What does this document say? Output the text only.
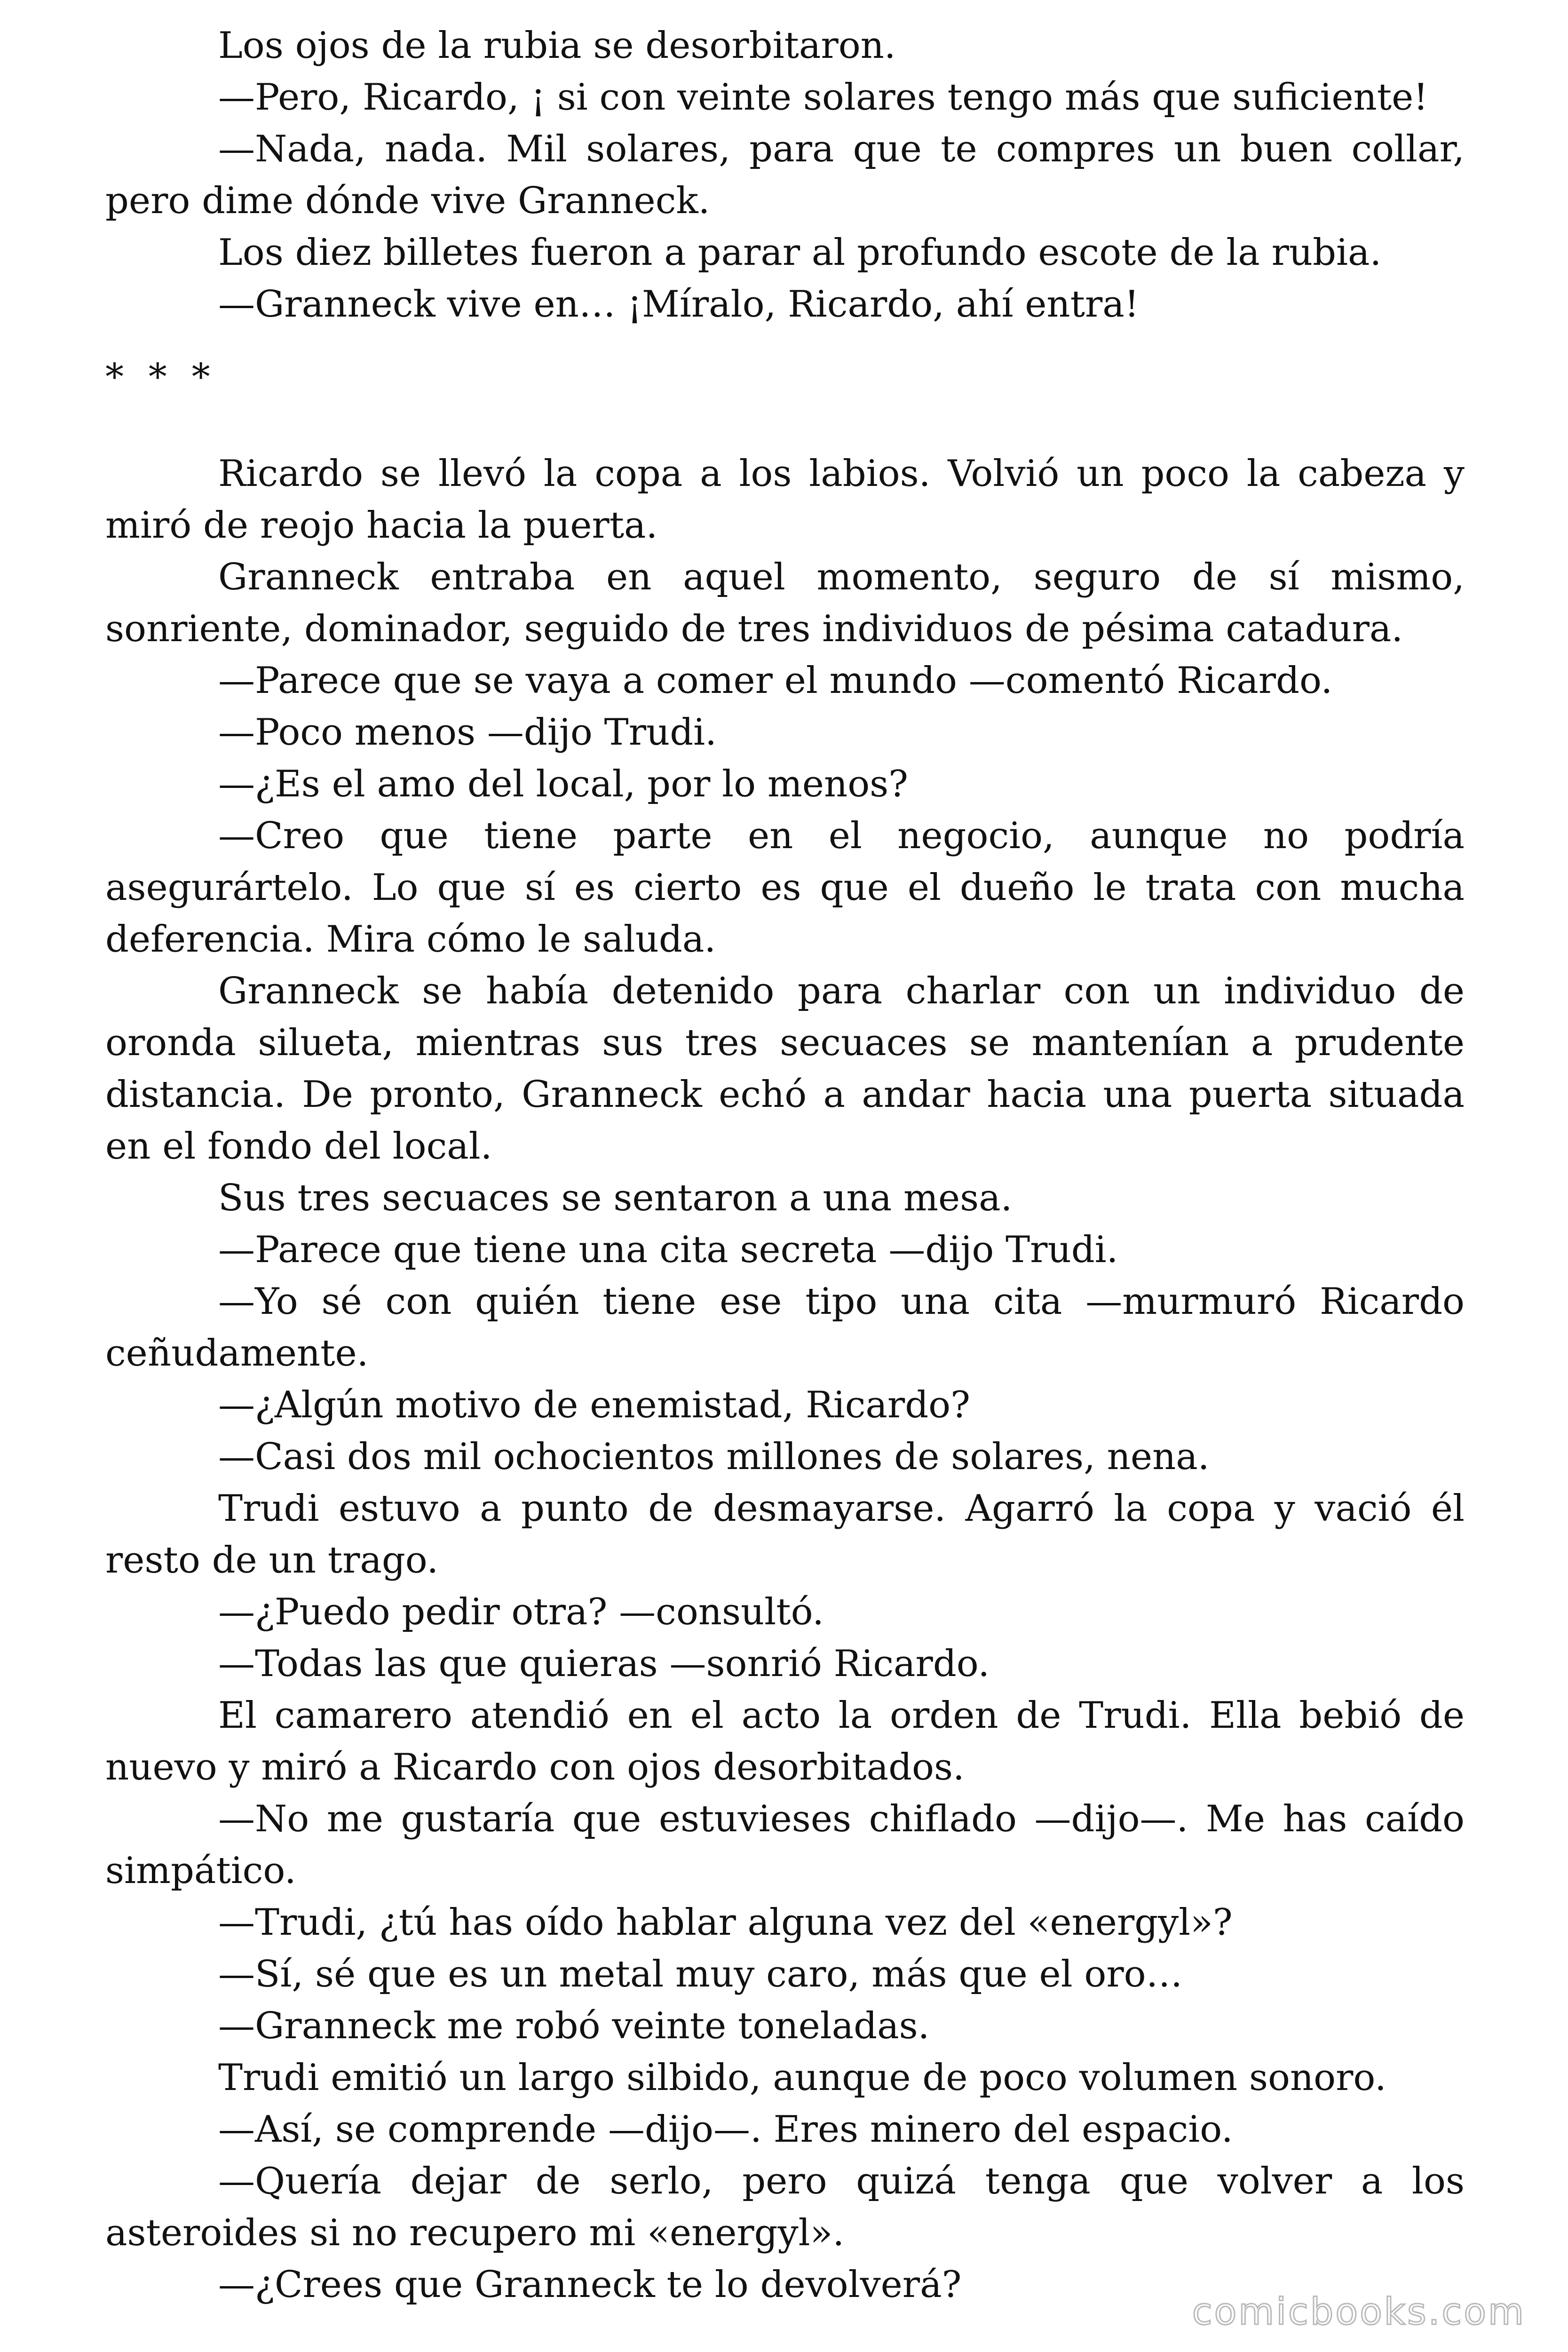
Los ojos de la rubia se desorbitaron.

—Pero, Ricardo, ¡ si con veinte solares tengo más que suficiente!

—Nada, nada. Mil solares, para que te compres un buen collar, pero dime dónde vive Granneck.

Los diez billetes fueron a parar al profundo escote de la rubia.

—Granneck vive en… ¡Míralo, Ricardo, ahí entra!

* * *

Ricardo se llevó la copa a los labios. Volvió un poco la cabeza y miró de reojo hacia la puerta.

Granneck entraba en aquel momento, seguro de sí mismo, sonriente, dominador, seguido de tres individuos de pésima catadura.

—Parece que se vaya a comer el mundo —comentó Ricardo.

—Poco menos —dijo Trudi.

—¿Es el amo del local, por lo menos?

—Creo que tiene parte en el negocio, aunque no podría asegurártelo. Lo que sí es cierto es que el dueño le trata con mucha deferencia. Mira cómo le saluda.

Granneck se había detenido para charlar con un individuo de oronda silueta, mientras sus tres secuaces se mantenían a prudente distancia. De pronto, Granneck echó a andar hacia una puerta situada en el fondo del local.

Sus tres secuaces se sentaron a una mesa.

—Parece que tiene una cita secreta —dijo Trudi.

—Yo sé con quién tiene ese tipo una cita —murmuró Ricardo ceñudamente.

—¿Algún motivo de enemistad, Ricardo?

—Casi dos mil ochocientos millones de solares, nena.

Trudi estuvo a punto de desmayarse. Agarró la copa y vació él resto de un trago.

—¿Puedo pedir otra? —consultó.

—Todas las que quieras —sonrió Ricardo.

El camarero atendió en el acto la orden de Trudi. Ella bebió de nuevo y miró a Ricardo con ojos desorbitados.

—No me gustaría que estuvieses chiflado —dijo—. Me has caído simpático.

—Trudi, ¿tú has oído hablar alguna vez del «energyl»?

—Sí, sé que es un metal muy caro, más que el oro…

—Granneck me robó veinte toneladas.

Trudi emitió un largo silbido, aunque de poco volumen sonoro.

—Así, se comprende —dijo—. Eres minero del espacio.

—Quería dejar de serlo, pero quizá tenga que volver a los asteroides si no recupero mi «energyl».

—¿Crees que Granneck te lo devolverá?

comicbooks.com
